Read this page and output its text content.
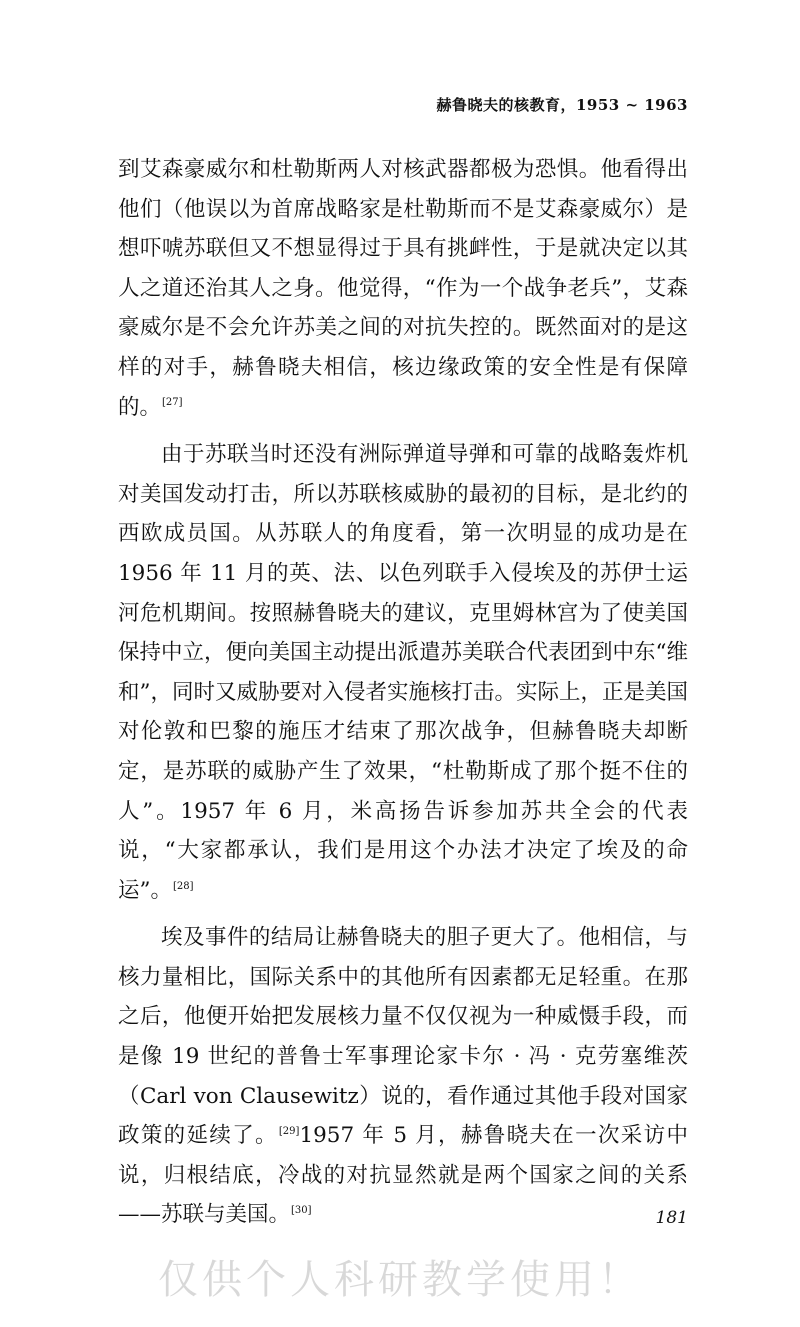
赫鲁晓夫的核教育，1953 ~ 1963

到艾森豪威尔和杜勒斯两人对核武器都极为恐惧。他看得出他们（他误以为首席战略家是杜勒斯而不是艾森豪威尔）是想吓唬苏联但又不想显得过于具有挑衅性，于是就决定以其人之道还治其人之身。他觉得，“作为一个战争老兵”，艾森豪威尔是不会允许苏美之间的对抗失控的。既然面对的是这样的对手，赫鲁晓夫相信，核边缘政策的安全性是有保障的。[27]

由于苏联当时还没有洲际弹道导弹和可靠的战略轰炸机对美国发动打击，所以苏联核威胁的最初的目标，是北约的西欧成员国。从苏联人的角度看，第一次明显的成功是在1956 年 11 月的英、法、以色列联手入侵埃及的苏伊士运河危机期间。按照赫鲁晓夫的建议，克里姆林宫为了使美国保持中立，便向美国主动提出派遣苏美联合代表团到中东“维和”，同时又威胁要对入侵者实施核打击。实际上，正是美国对伦敦和巴黎的施压才结束了那次战争，但赫鲁晓夫却断定，是苏联的威胁产生了效果，“杜勒斯成了那个挺不住的人”。1957 年 6 月，米高扬告诉参加苏共全会的代表说，“大家都承认，我们是用这个办法才决定了埃及的命运”。[28]

埃及事件的结局让赫鲁晓夫的胆子更大了。他相信，与核力量相比，国际关系中的其他所有因素都无足轻重。在那之后，他便开始把发展核力量不仅仅视为一种威慑手段，而是像 19 世纪的普鲁士军事理论家卡尔 · 冯 · 克劳塞维茨（Carl von Clausewitz）说的，看作通过其他手段对国家政策的延续了。[29]1957 年 5 月，赫鲁晓夫在一次采访中说，归根结底，冷战的对抗显然就是两个国家之间的关系——苏联与美国。[30]	181
仅供个人科研教学使用！
